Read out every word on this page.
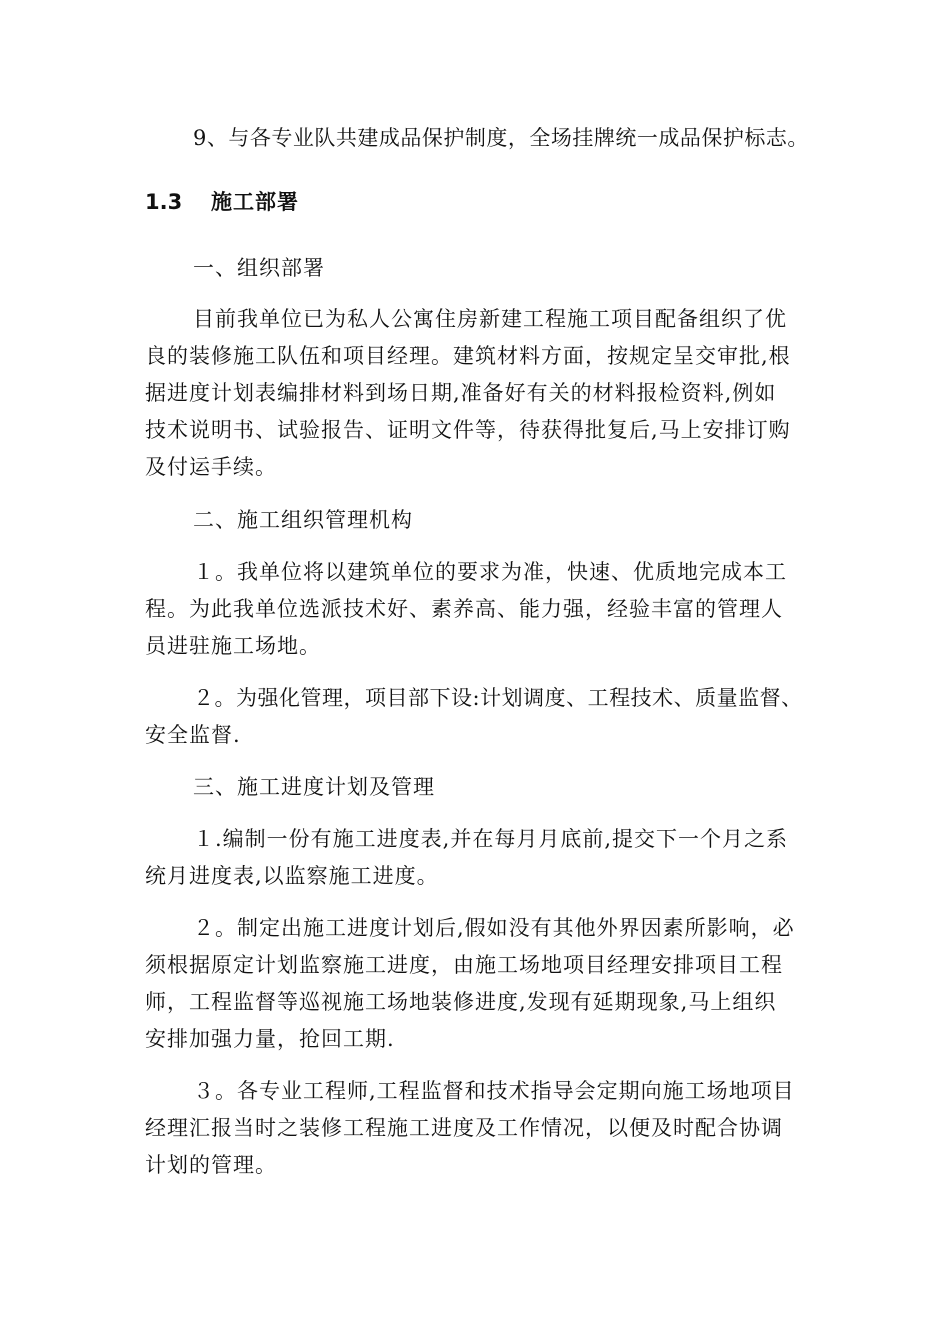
9、与各专业队共建成品保护制度，全场挂牌统一成品保护标志。
1.3 施工部署
一、组织部署
目前我单位已为私人公寓住房新建工程施工项目配备组织了优
良的装修施工队伍和项目经理。建筑材料方面，按规定呈交审批,根
据进度计划表编排材料到场日期,准备好有关的材料报检资料,例如
技术说明书、试验报告、证明文件等，待获得批复后,马上安排订购
及付运手续。
二、施工组织管理机构
１。我单位将以建筑单位的要求为准，快速、优质地完成本工
程。为此我单位选派技术好、素养高、能力强，经验丰富的管理人
员进驻施工场地。
２。为强化管理，项目部下设:计划调度、工程技术、质量监督、
安全监督.
三、施工进度计划及管理
１.编制一份有施工进度表,并在每月月底前,提交下一个月之系
统月进度表,以监察施工进度。
２。制定出施工进度计划后,假如没有其他外界因素所影响，必
须根据原定计划监察施工进度，由施工场地项目经理安排项目工程
师，工程监督等巡视施工场地装修进度,发现有延期现象,马上组织
安排加强力量，抢回工期.
３。各专业工程师,工程监督和技术指导会定期向施工场地项目
经理汇报当时之装修工程施工进度及工作情况，以便及时配合协调
计划的管理。
